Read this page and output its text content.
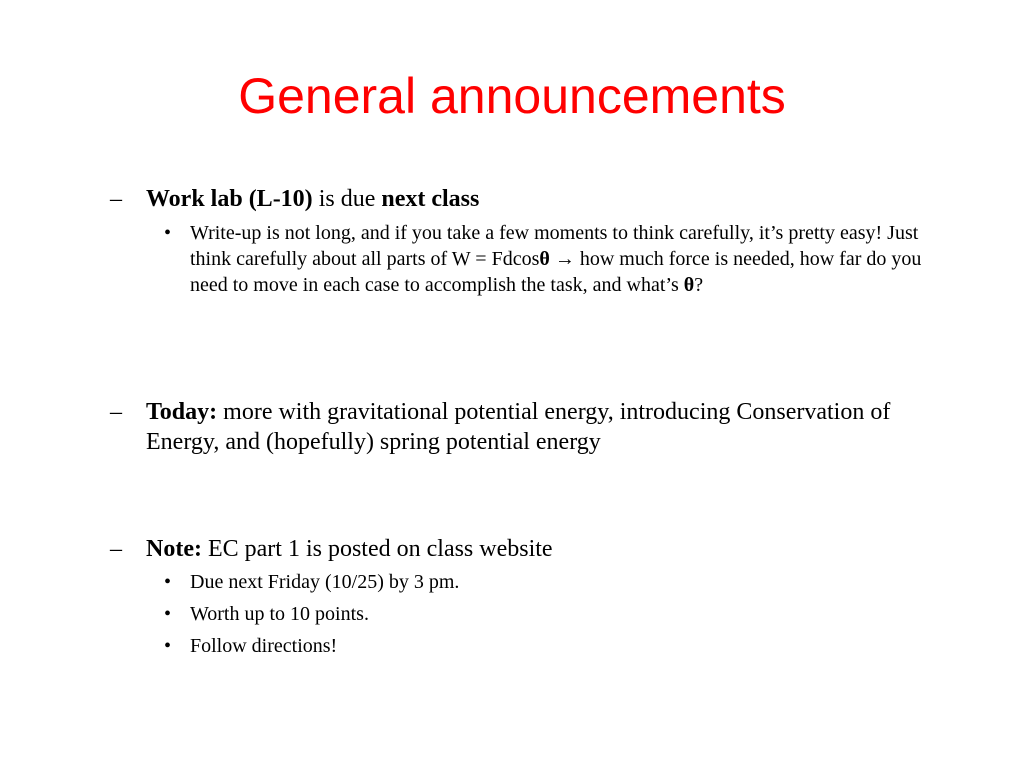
General announcements
–	Work lab (L-10) is due next class
• Write-up is not long, and if you take a few moments to think carefully, it’s pretty easy! Just think carefully about all parts of W = Fdcosθ → how much force is needed, how far do you need to move in each case to accomplish the task, and what’s θ?
–	Today: more with gravitational potential energy, introducing Conservation of Energy, and (hopefully) spring potential energy
–	Note: EC part 1 is posted on class website
• Due next Friday (10/25) by 3 pm.
• Worth up to 10 points.
• Follow directions!
